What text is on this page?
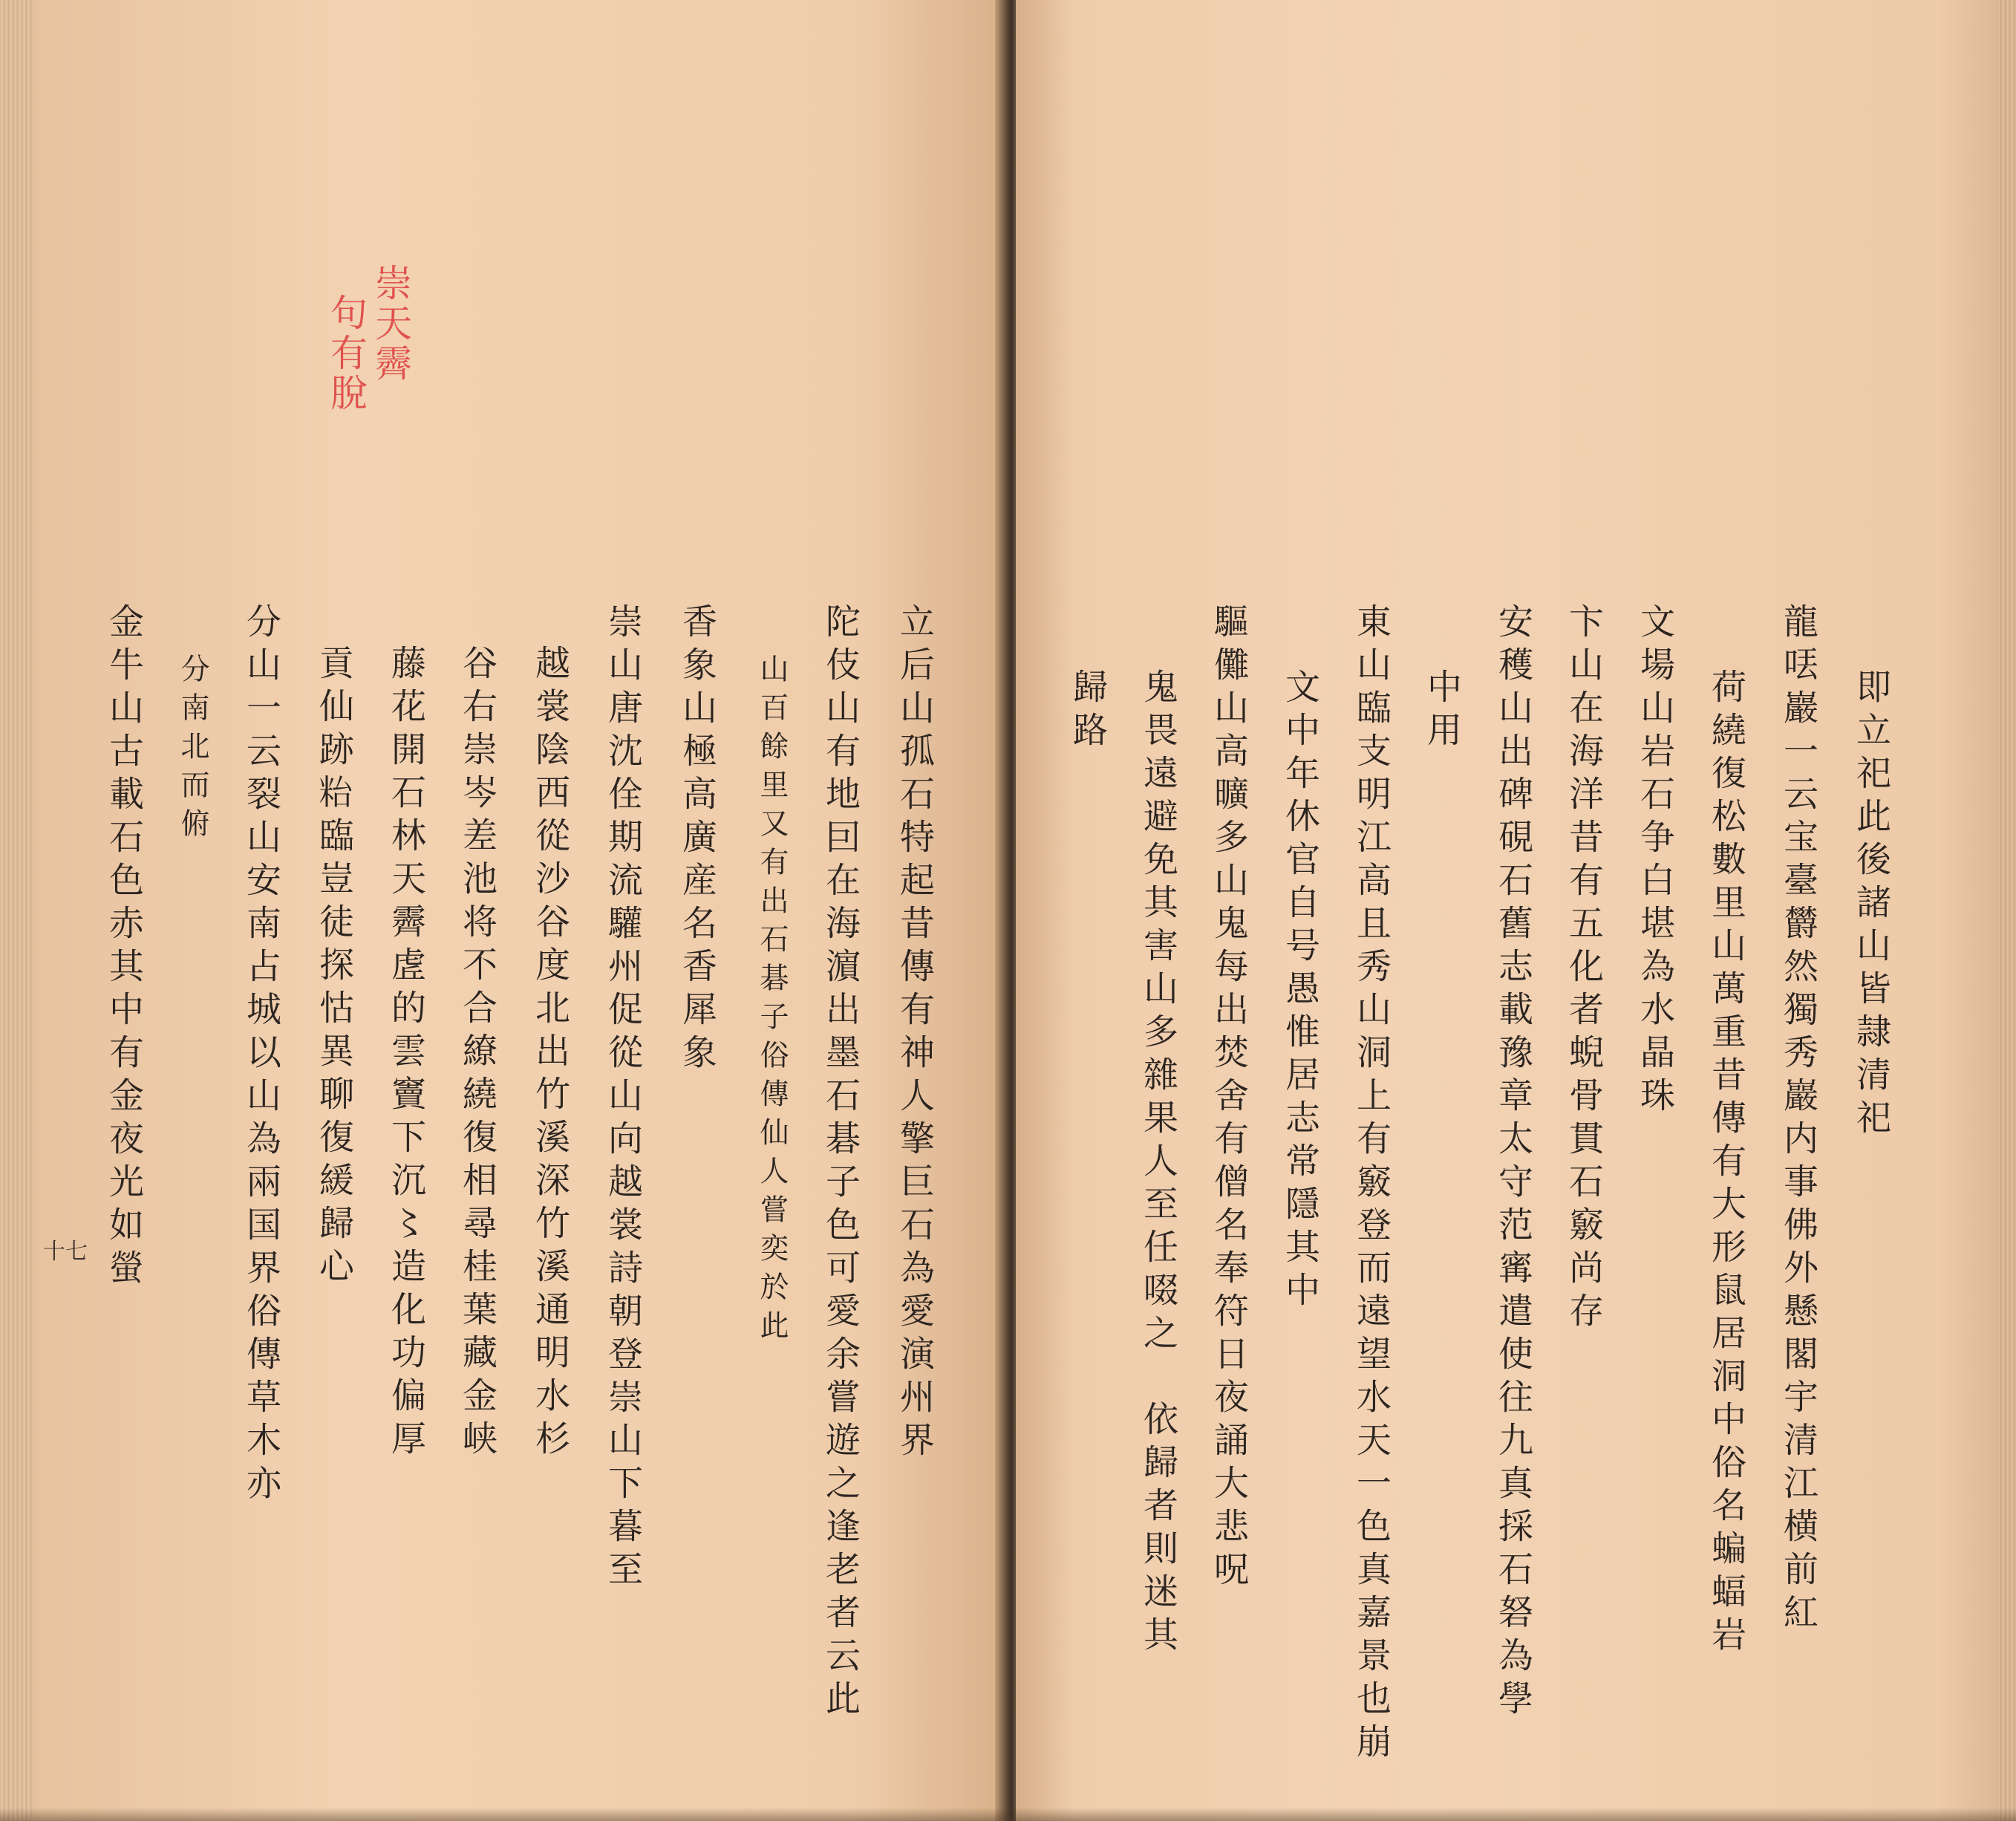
崇天霽
句有脫
立后山孤石特起昔傳有神人擎巨石為愛演州界
陀伎山有地囙在海濵出墨石碁子色可愛余嘗遊之逢老者云此
山百餘里又有出石碁子俗傳仙人嘗奕於此
香象山極高廣産名香犀象
崇山唐沈佺期流驩州促從山向越裳詩朝登崇山下暮至
越裳陰西從沙谷度北出竹溪深竹溪通明水杉
谷右崇岑差池将不合繚繞復相尋桂葉藏金峡
藤花開石林天霽虗的雲竇下沉〻造化功偏厚
貢仙跡𥹋臨豈徒探怙異聊復緩歸心
分山一云裂山安南占城以山為兩国界俗傳草木亦
分南北而俯
金牛山古載石色赤其中有金夜光如螢
十七
即立祀此後諸山皆隷清祀
龍𠲍巖一云宝臺欝然獨秀巖内事佛外懸閣宇清江横前紅
荷繞復松數里山萬重昔傳有大形鼠居洞中俗名蝙蝠岩
文場山岩石争白堪為水晶珠
卞山在海洋昔有五化者蜺骨貫石竅尚存
安穫山出碑硯石舊志載豫章太守范寗遣使往九真採石砮為學
中用
東山臨支明江高且秀山洞上有竅登而遠望水天一色真嘉景也崩
文中年休官自号愚惟居志常隱其中
驅儺山高曠多山鬼每出焚舍有僧名奉符日夜誦大悲呪
鬼畏遠避免其害山多雜果人至任啜之　依歸者則迷其
歸路
